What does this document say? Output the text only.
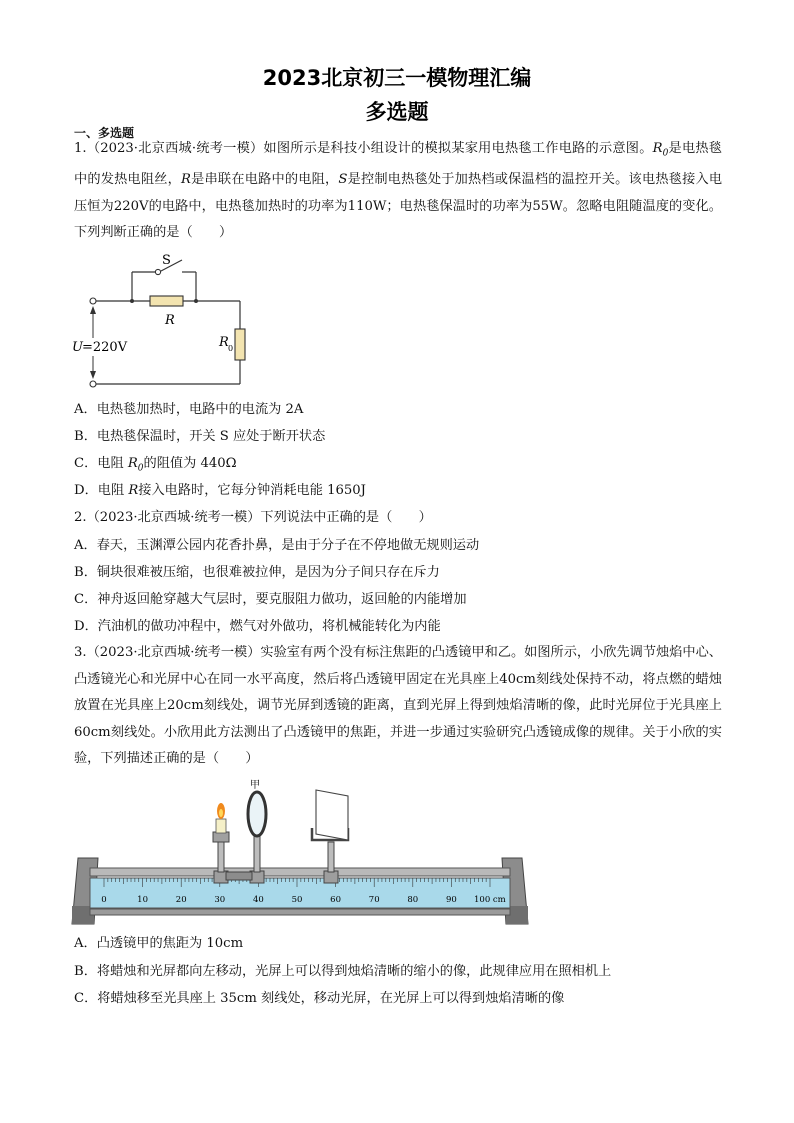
2023北京初三一模物理汇编
多选题
一、多选题
1.（2023·北京西城·统考一模）如图所示是科技小组设计的模拟某家用电热毯工作电路的示意图。$R_0$是电热毯中的发热电阻丝，R是串联在电路中的电阻，S是控制电热毯处于加热档或保温档的温控开关。该电热毯接入电压恒为220V的电路中，电热毯加热时的功率为110W；电热毯保温时的功率为55W。忽略电阻随温度的变化。下列判断正确的是（　　）
S
R
R 0
U =220V
A．电热毯加热时，电路中的电流为 2A
B．电热毯保温时，开关 S 应处于断开状态
C．电阻 $R_0$的阻值为 440Ω
D．电阻 R接入电路时，它每分钟消耗电能 1650J
2.（2023·北京西城·统考一模）下列说法中正确的是（　　）
A．春天，玉渊潭公园内花香扑鼻，是由于分子在不停地做无规则运动
B．铜块很难被压缩，也很难被拉伸，是因为分子间只存在斥力
C．神舟返回舱穿越大气层时，要克服阻力做功，返回舱的内能增加
D．汽油机的做功冲程中，燃气对外做功，将机械能转化为内能
3.（2023·北京西城·统考一模）实验室有两个没有标注焦距的凸透镜甲和乙。如图所示，小欣先调节烛焰中心、凸透镜光心和光屏中心在同一水平高度，然后将凸透镜甲固定在光具座上40cm刻线处保持不动，将点燃的蜡烛放置在光具座上20cm刻线处，调节光屏到透镜的距离，直到光屏上得到烛焰清晰的像，此时光屏位于光具座上60cm刻线处。小欣用此方法测出了凸透镜甲的焦距，并进一步通过实验研究凸透镜成像的规律。关于小欣的实验，下列描述正确的是（　　）
0	10	20	30	40	50	60	70	80	90 100 cm
甲
A．凸透镜甲的焦距为 10cm
B．将蜡烛和光屏都向左移动，光屏上可以得到烛焰清晰的缩小的像，此规律应用在照相机上
C．将蜡烛移至光具座上 35cm 刻线处，移动光屏，在光屏上可以得到烛焰清晰的像
